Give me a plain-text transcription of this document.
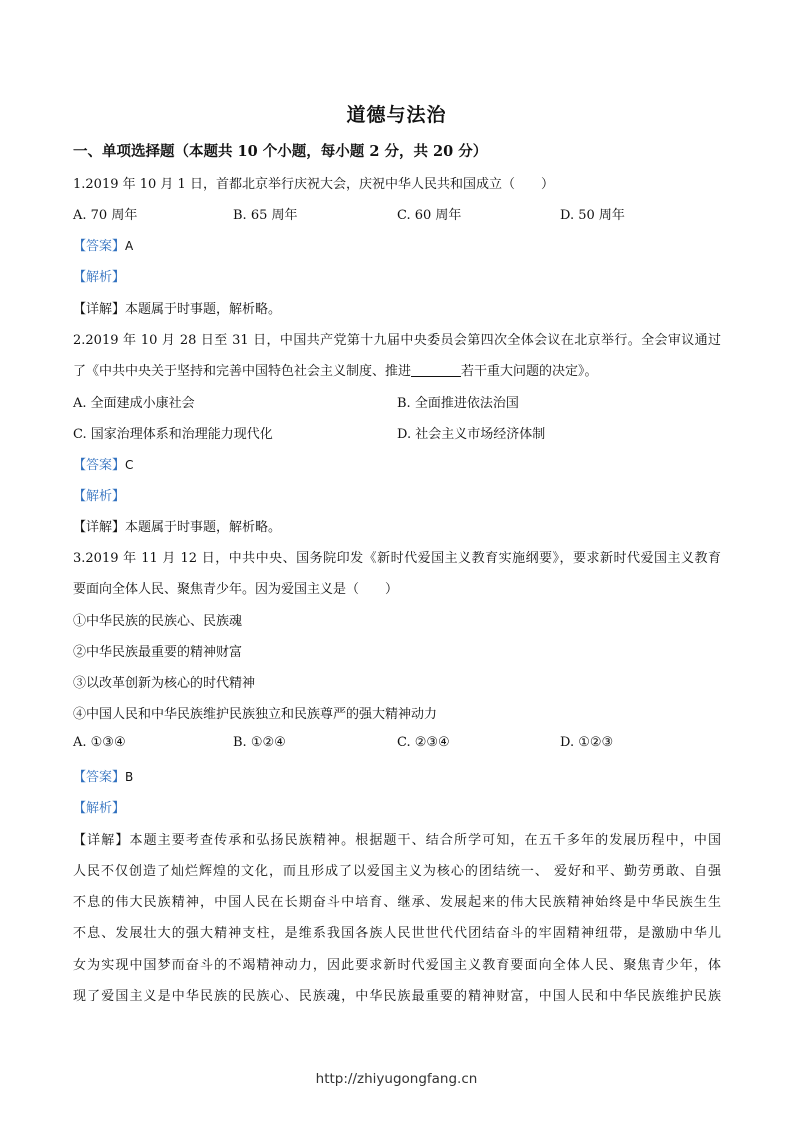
道德与法治
一、单项选择题（本题共 10 个小题，每小题 2 分，共 20 分）
1.2019 年 10 月 1 日，首都北京举行庆祝大会，庆祝中华人民共和国成立（　　）
A. 70 周年	B. 65 周年	C. 60 周年	D. 50 周年
【答案】A
【解析】
【详解】本题属于时事题，解析略。
2.2019 年 10 月 28 日至 31 日，中国共产党第十九届中央委员会第四次全体会议在北京举行。全会审议通过
了《中共中央关于坚持和完善中国特色社会主义制度、推进	若干重大问题的决定》。
A. 全面建成小康社会	B. 全面推进依法治国
C. 国家治理体系和治理能力现代化	D. 社会主义市场经济体制
【答案】C
【解析】
【详解】本题属于时事题，解析略。
3.2019 年 11 月 12 日，中共中央、国务院印发《新时代爱国主义教育实施纲要》，要求新时代爱国主义教育
要面向全体人民、聚焦青少年。因为爱国主义是（　　）
①中华民族的民族心、民族魂
②中华民族最重要的精神财富
③以改革创新为核心的时代精神
④中国人民和中华民族维护民族独立和民族尊严的强大精神动力
A. ①③④	B. ①②④	C. ②③④	D. ①②③
【答案】B
【解析】
【详解】本题主要考查传承和弘扬民族精神。根据题干、结合所学可知，在五千多年的发展历程中，中国
人民不仅创造了灿烂辉煌的文化，而且形成了以爱国主义为核心的团结统一、 爱好和平、勤劳勇敢、自强
不息的伟大民族精神，中国人民在长期奋斗中培育、继承、发展起来的伟大民族精神始终是中华民族生生
不息、发展壮大的强大精神支柱，是维系我国各族人民世世代代团结奋斗的牢固精神纽带，是激励中华儿
女为实现中国梦而奋斗的不竭精神动力，因此要求新时代爱国主义教育要面向全体人民、聚焦青少年，体
现了爱国主义是中华民族的民族心、民族魂，中华民族最重要的精神财富，中国人民和中华民族维护民族
http://zhiyugongfang.cn
